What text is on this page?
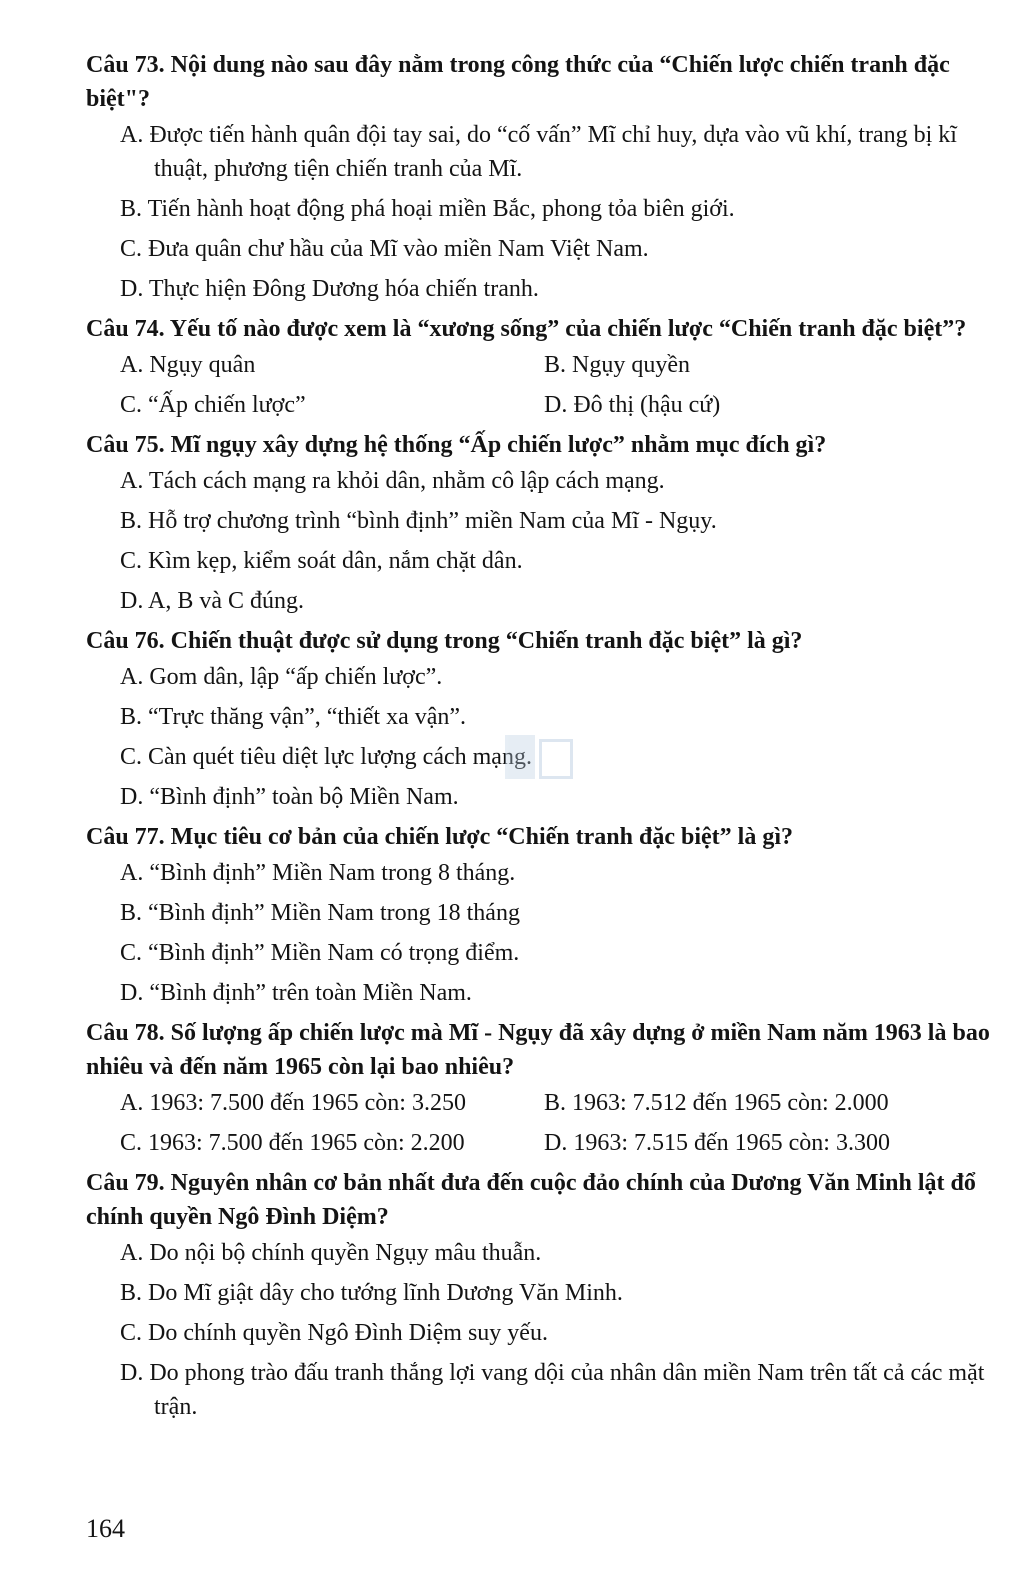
Câu 73. Nội dung nào sau đây nằm trong công thức của “Chiến lược chiến tranh đặc biệt"?

A. Được tiến hành quân đội tay sai, do “cố vấn” Mĩ chỉ huy, dựa vào vũ khí, trang bị kĩ thuật, phương tiện chiến tranh của Mĩ.

B. Tiến hành hoạt động phá hoại miền Bắc, phong tỏa biên giới.

C. Đưa quân chư hầu của Mĩ vào miền Nam Việt Nam.

D. Thực hiện Đông Dương hóa chiến tranh.

Câu 74. Yếu tố nào được xem là “xương sống” của chiến lược “Chiến tranh đặc biệt”?

A. Ngụy quân	B. Ngụy quyền
C. “Ấp chiến lược”	D. Đô thị (hậu cứ)

Câu 75. Mĩ ngụy xây dựng hệ thống “Ấp chiến lược” nhằm mục đích gì?

A. Tách cách mạng ra khỏi dân, nhằm cô lập cách mạng.

B. Hỗ trợ chương trình “bình định” miền Nam của Mĩ - Ngụy.

C. Kìm kẹp, kiểm soát dân, nắm chặt dân.

D. A, B và C đúng.

Câu 76. Chiến thuật được sử dụng trong “Chiến tranh đặc biệt” là gì?

A. Gom dân, lập “ấp chiến lược”.

B. “Trực thăng vận”, “thiết xa vận”.

C. Càn quét tiêu diệt lực lượng cách mạng.

D. “Bình định” toàn bộ Miền Nam.

Câu 77. Mục tiêu cơ bản của chiến lược “Chiến tranh đặc biệt” là gì?

A. “Bình định” Miền Nam trong 8 tháng.

B. “Bình định” Miền Nam trong 18 tháng

C. “Bình định” Miền Nam có trọng điểm.

D. “Bình định” trên toàn Miền Nam.

Câu 78. Số lượng ấp chiến lược mà Mĩ - Ngụy đã xây dựng ở miền Nam năm 1963 là bao nhiêu và đến năm 1965 còn lại bao nhiêu?

A. 1963: 7.500 đến 1965 còn: 3.250	B. 1963: 7.512 đến 1965 còn: 2.000
C. 1963: 7.500 đến 1965 còn: 2.200	D. 1963: 7.515 đến 1965 còn: 3.300

Câu 79. Nguyên nhân cơ bản nhất đưa đến cuộc đảo chính của Dương Văn Minh lật đổ chính quyền Ngô Đình Diệm?

A. Do nội bộ chính quyền Ngụy mâu thuẫn.

B. Do Mĩ giật dây cho tướng lĩnh Dương Văn Minh.

C. Do chính quyền Ngô Đình Diệm suy yếu.

D. Do phong trào đấu tranh thắng lợi vang dội của nhân dân miền Nam trên tất cả các mặt trận.

164
